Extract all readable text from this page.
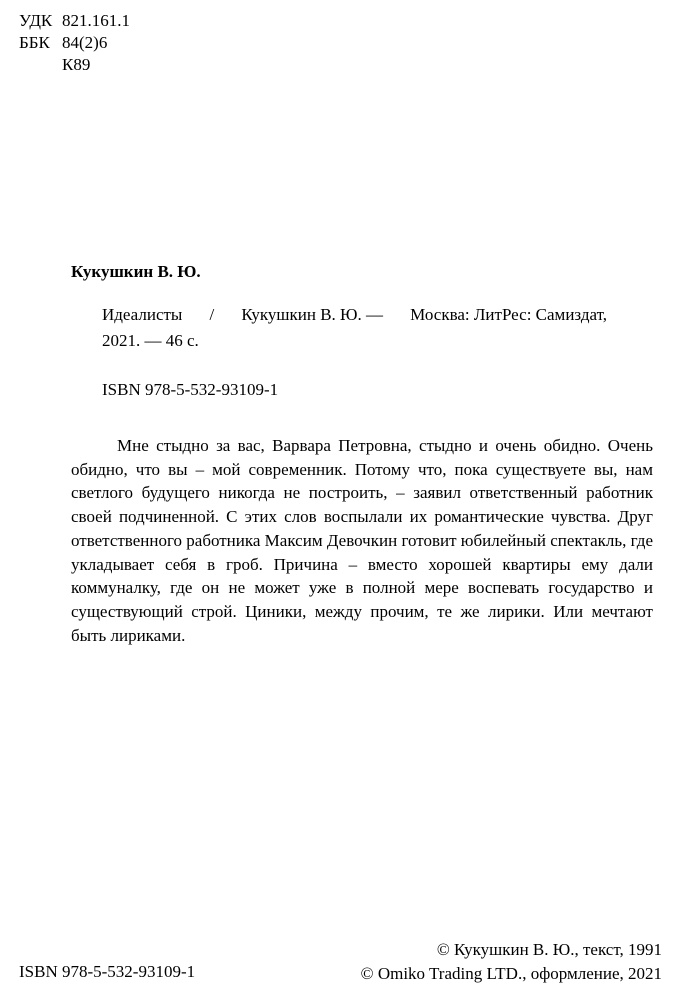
УДК 821.161.1
ББК 84(2)6
К89
Кукушкин В. Ю.
Идеалисты / Кукушкин В. Ю. — Москва: ЛитРес: Самиздат,
2021. — 46 с.
ISBN 978-5-532-93109-1

Мне стыдно за вас, Варвара Петровна, стыдно и очень обидно. Очень обидно, что вы – мой современник. Потому что, пока существуете вы, нам светлого будущего никогда не построить, – заявил ответственный работник своей подчиненной. С этих слов воспылали их романтические чувства. Друг ответственного работника Максим Девочкин готовит юбилейный спектакль, где укладывает себя в гроб. Причина – вместо хорошей квартиры ему дали коммуналку, где он не может уже в полной мере воспевать государство и существующий строй. Циники, между прочим, те же лирики. Или мечтают быть лириками.

ISBN 978-5-532-93109-1
© Кукушкин В. Ю., текст, 1991
© Omiko Trading LTD., оформление, 2021
